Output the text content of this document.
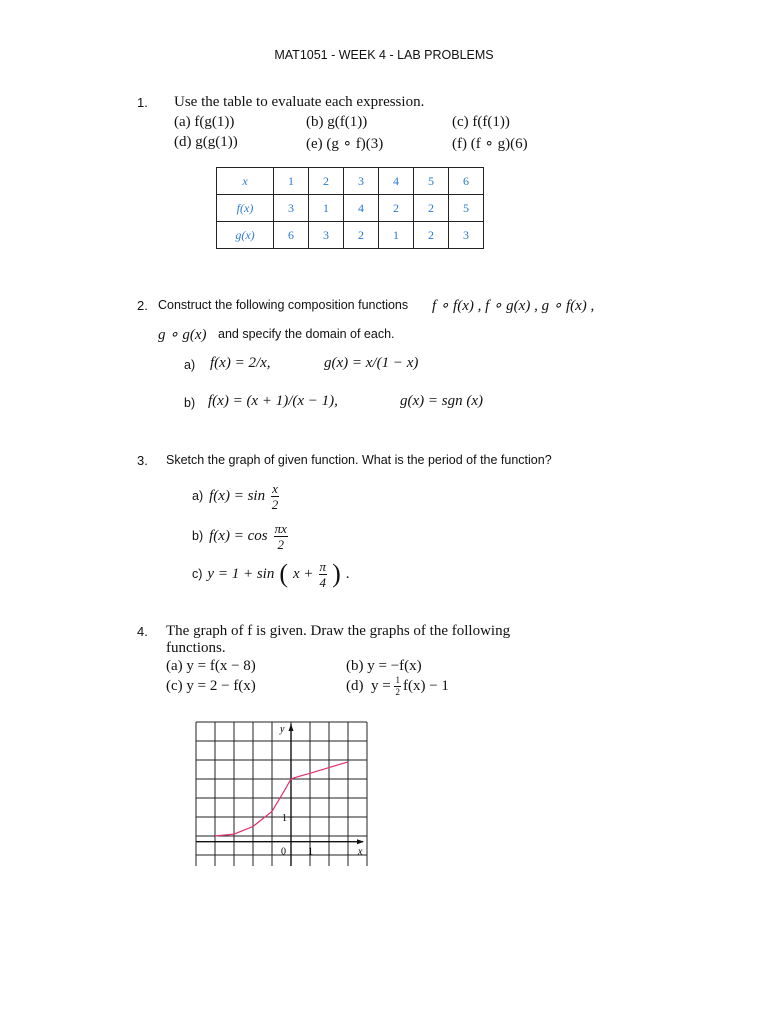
MAT1051 - WEEK 4 - LAB PROBLEMS
1. Use the table to evaluate each expression.
(a) f(g(1))	(b) g(f(1))	(c) f(f(1))
(d) g(g(1))	(e) (g ∘ f)(3)	(f) (f ∘ g)(6)
x	1	2	3	4	5	6
f(x)	3	1	4	2	2	5
g(x)	6	3	2	1	2	3
2. Construct the following composition functions f ∘ f(x) , f ∘ g(x) , g ∘ f(x) ,
g ∘ g(x) and specify the domain of each.
a) f(x) = 2/x,	g(x) = x/(1 − x)
b) f(x) = (x + 1)/(x − 1),	g(x) = sgn (x)
3. Sketch the graph of given function. What is the period of the function?
a) $f(x) = \sin \frac{x}{2}$
b) $f(x) = \cos \frac{\pi x}{2}$
c) y = 1 + sin ( $x + \frac{\pi}{4}$ ) .
4. The graph of f is given. Draw the graphs of the following
functions.
(a) y = f(x − 8)	(b) y = −f(x)
(c) y = 2 − f(x)	(d)  $y = \frac{1}{2} f(x) - 1$
y
x
0 1
1
